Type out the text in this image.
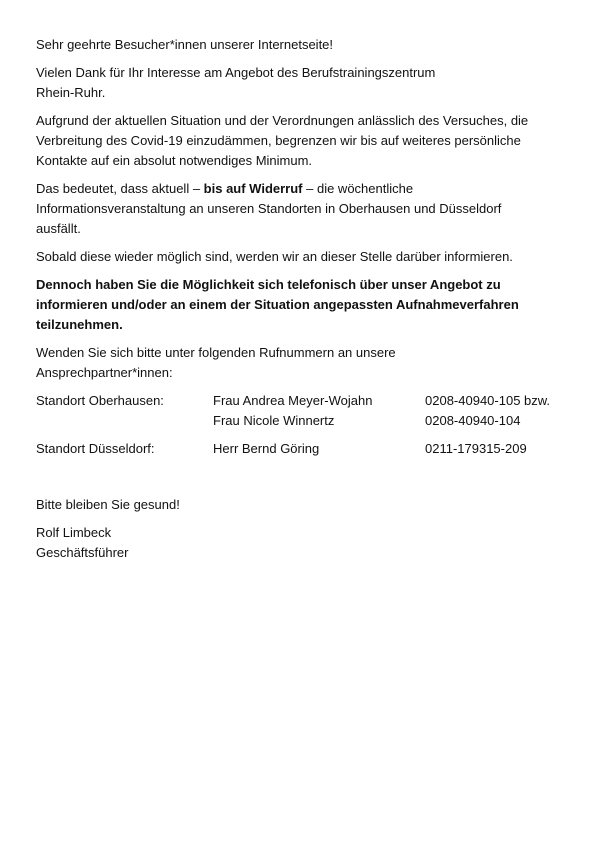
Sehr geehrte Besucher*innen unserer Internetseite!

Vielen Dank für Ihr Interesse am Angebot des Berufstrainingszentrum
Rhein-Ruhr.

Aufgrund der aktuellen Situation und der Verordnungen anlässlich des Versuches, die
Verbreitung des Covid-19 einzudämmen, begrenzen wir bis auf weiteres persönliche
Kontakte auf ein absolut notwendiges Minimum.

Das bedeutet, dass aktuell – bis auf Widerruf – die wöchentliche
Informationsveranstaltung an unseren Standorten in Oberhausen und Düsseldorf
ausfällt.

Sobald diese wieder möglich sind, werden wir an dieser Stelle darüber informieren.

Dennoch haben Sie die Möglichkeit sich telefonisch über unser Angebot zu
informieren und/oder an einem der Situation angepassten Aufnahmeverfahren
teilzunehmen.

Wenden Sie sich bitte unter folgenden Rufnummern an unsere
Ansprechpartner*innen:

Standort Oberhausen:	Frau Andrea Meyer-Wojahn	0208-40940-105 bzw.
Frau Nicole Winnertz	0208-40940-104
Standort Düsseldorf:	Herr Bernd Göring	0211-179315-209

Bitte bleiben Sie gesund!

Rolf Limbeck
Geschäftsführer
